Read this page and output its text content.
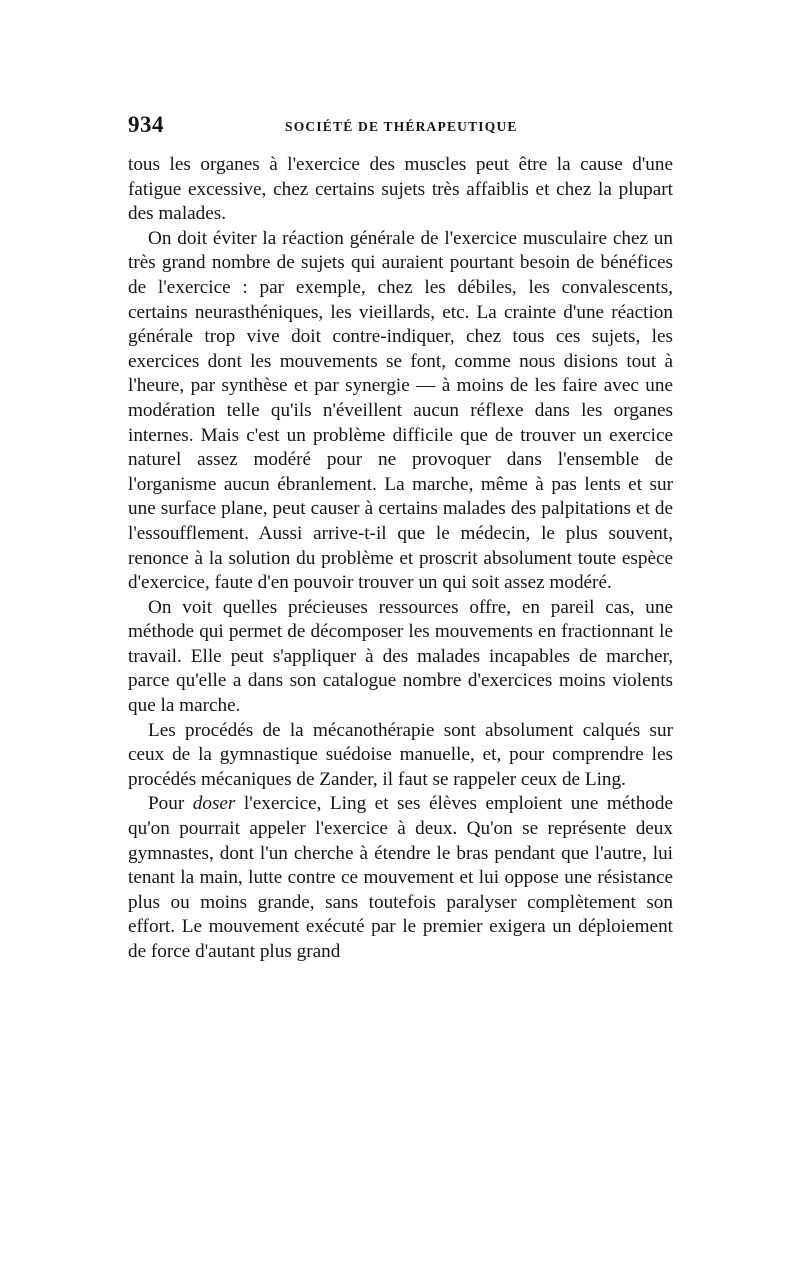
934	SOCIÉTÉ DE THÉRAPEUTIQUE

tous les organes à l'exercice des muscles peut être la cause d'une fatigue excessive, chez certains sujets très affaiblis et chez la plupart des malades.

On doit éviter la réaction générale de l'exercice musculaire chez un très grand nombre de sujets qui auraient pourtant besoin de bénéfices de l'exercice : par exemple, chez les débiles, les convalescents, certains neurasthéniques, les vieillards, etc. La crainte d'une réaction générale trop vive doit contre-indiquer, chez tous ces sujets, les exercices dont les mouvements se font, comme nous disions tout à l'heure, par synthèse et par synergie — à moins de les faire avec une modération telle qu'ils n'éveillent aucun réflexe dans les organes internes. Mais c'est un problème difficile que de trouver un exercice naturel assez modéré pour ne provoquer dans l'ensemble de l'organisme aucun ébranlement. La marche, même à pas lents et sur une surface plane, peut causer à certains malades des palpitations et de l'essoufflement. Aussi arrive-t-il que le médecin, le plus souvent, renonce à la solution du problème et proscrit absolument toute espèce d'exercice, faute d'en pouvoir trouver un qui soit assez modéré.

On voit quelles précieuses ressources offre, en pareil cas, une méthode qui permet de décomposer les mouvements en fractionnant le travail. Elle peut s'appliquer à des malades incapables de marcher, parce qu'elle a dans son catalogue nombre d'exercices moins violents que la marche.

Les procédés de la mécanothérapie sont absolument calqués sur ceux de la gymnastique suédoise manuelle, et, pour comprendre les procédés mécaniques de Zander, il faut se rappeler ceux de Ling.

Pour doser l'exercice, Ling et ses élèves emploient une méthode qu'on pourrait appeler l'exercice à deux. Qu'on se représente deux gymnastes, dont l'un cherche à étendre le bras pendant que l'autre, lui tenant la main, lutte contre ce mouvement et lui oppose une résistance plus ou moins grande, sans toutefois paralyser complètement son effort. Le mouvement exécuté par le premier exigera un déploiement de force d'autant plus grand
